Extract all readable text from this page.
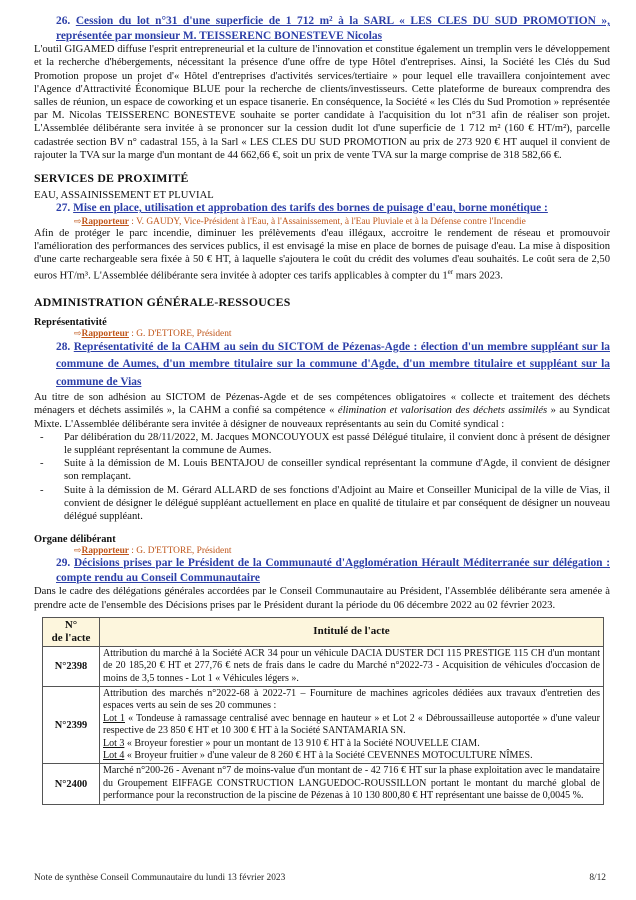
26. Cession du lot n°31 d'une superficie de 1 712 m² à la SARL « LES CLES DU SUD PROMOTION », représentée par monsieur M. TEISSERENC BONESTEVE Nicolas

L'outil GIGAMED diffuse l'esprit entrepreneurial et la culture de l'innovation et constitue également un tremplin vers le développement et la recherche d'hébergements, nécessitant la présence d'une offre de type Hôtel d'entreprises. Ainsi, la Société les Clés du Sud Promotion propose un projet d'« Hôtel d'entreprises d'activités services/tertiaire » pour lequel elle travaillera conjointement avec l'Agence d'Attractivité Économique BLUE pour la recherche de clients/investisseurs. Cette plateforme de bureaux comprendra des salles de réunion, un espace de coworking et un espace tisanerie. En conséquence, la Société « les Clés du Sud Promotion » représentée par M. Nicolas TEISSERENC BONESTEVE souhaite se porter candidate à l'acquisition du lot n°31 afin de réaliser son projet. L'Assemblée délibérante sera invitée à se prononcer sur la cession dudit lot d'une superficie de 1 712 m² (160 € HT/m²), parcelle cadastrée section BV n° cadastral 155, à la Sarl « LES CLES DU SUD PROMOTION au prix de 273 920 € HT auquel il convient de rajouter la TVA sur la marge d'un montant de 44 662,66 €, soit un prix de vente TVA sur la marge comprise de 318 582,66 €.

SERVICES DE PROXIMITÉ

EAU, ASSAINISSEMENT ET PLUVIAL

27. Mise en place, utilisation et approbation des tarifs des bornes de puisage d'eau, borne monétique :

⇨Rapporteur : V. GAUDY, Vice-Président à l'Eau, à l'Assainissement, à l'Eau Pluviale et à la Défense contre l'Incendie

Afin de protéger le parc incendie, diminuer les prélèvements d'eau illégaux, accroitre le rendement de réseau et promouvoir l'amélioration des performances des services publics, il est envisagé la mise en place de bornes de puisage d'eau. La mise à disposition d'une carte rechargeable sera fixée à 50 € HT, à laquelle s'ajoutera le coût du crédit des volumes d'eau souhaités. Le coût sera de 2,50 euros HT/m³. L'Assemblée délibérante sera invitée à adopter ces tarifs applicables à compter du 1er mars 2023.

ADMINISTRATION GÉNÉRALE-RESSOUCES

Représentativité

⇨Rapporteur : G. D'ETTORE, Président

28. Représentativité de la CAHM au sein du SICTOM de Pézenas-Agde : élection d'un membre suppléant sur la commune de Aumes, d'un membre titulaire sur la commune d'Agde, d'un membre titulaire et suppléant sur la commune de Vias

Au titre de son adhésion au SICTOM de Pézenas-Agde et de ses compétences obligatoires « collecte et traitement des déchets ménagers et déchets assimilés », la CAHM a confié sa compétence « élimination et valorisation des déchets assimilés » au Syndicat Mixte. L'Assemblée délibérante sera invitée à désigner de nouveaux représentants au sein du Comité syndical :

- Par délibération du 28/11/2022, M. Jacques MONCOUYOUX est passé Délégué titulaire, il convient donc à présent de désigner le suppléant représentant la commune de Aumes.
- Suite à la démission de M. Louis BENTAJOU de conseiller syndical représentant la commune d'Agde, il convient de désigner son remplaçant.
- Suite à la démission de M. Gérard ALLARD de ses fonctions d'Adjoint au Maire et Conseiller Municipal de la ville de Vias, il convient de désigner le délégué suppléant actuellement en place en qualité de titulaire et par conséquent de désigner un nouveau délégué suppléant.

Organe délibérant

⇨Rapporteur : G. D'ETTORE, Président

29. Décisions prises par le Président de la Communauté d'Agglomération Hérault Méditerranée sur délégation : compte rendu au Conseil Communautaire

Dans le cadre des délégations générales accordées par le Conseil Communautaire au Président, l'Assemblée délibérante sera amenée à prendre acte de l'ensemble des Décisions prises par le Président durant la période du 06 décembre 2022 au 02 février 2023.

N°
de l'acte	Intitulé de l'acte
N°2398	Attribution du marché à la Société ACR 34 pour un véhicule DACIA DUSTER DCI 115 PRESTIGE 115 CH d'un montant de 20 185,20 € HT et 277,76 € nets de frais dans le cadre du Marché n°2022-73 - Acquisition de véhicules d'occasion de moins de 3,5 tonnes - Lot 1 « Véhicules légers ».
N°2399	Attribution des marchés n°2022-68 à 2022-71 – Fourniture de machines agricoles dédiées aux travaux d'entretien des espaces verts au sein de ses 20 communes :
Lot 1 « Tondeuse à ramassage centralisé avec bennage en hauteur » et Lot 2 « Débroussailleuse autoportée » d'une valeur respective de 23 850 € HT et 10 300 € HT à la Société SANTAMARIA SN.
Lot 3 « Broyeur forestier » pour un montant de 13 910 € HT à la Société NOUVELLE CIAM.
Lot 4 « Broyeur fruitier » d'une valeur de 8 260 € HT à la Société CEVENNES MOTOCULTURE NÎMES.
N°2400	Marché n°200-26 - Avenant n°7 de moins-value d'un montant de - 42 716 € HT sur la phase exploitation avec le mandataire du Groupement EIFFAGE CONSTRUCTION LANGUEDOC-ROUSSILLON portant le montant du marché global de performance pour la reconstruction de la piscine de Pézenas à 10 130 800,80 € HT représentant une baisse de 0,0045 %.
Note de synthèse Conseil Communautaire du lundi 13 février 2023	8/12
